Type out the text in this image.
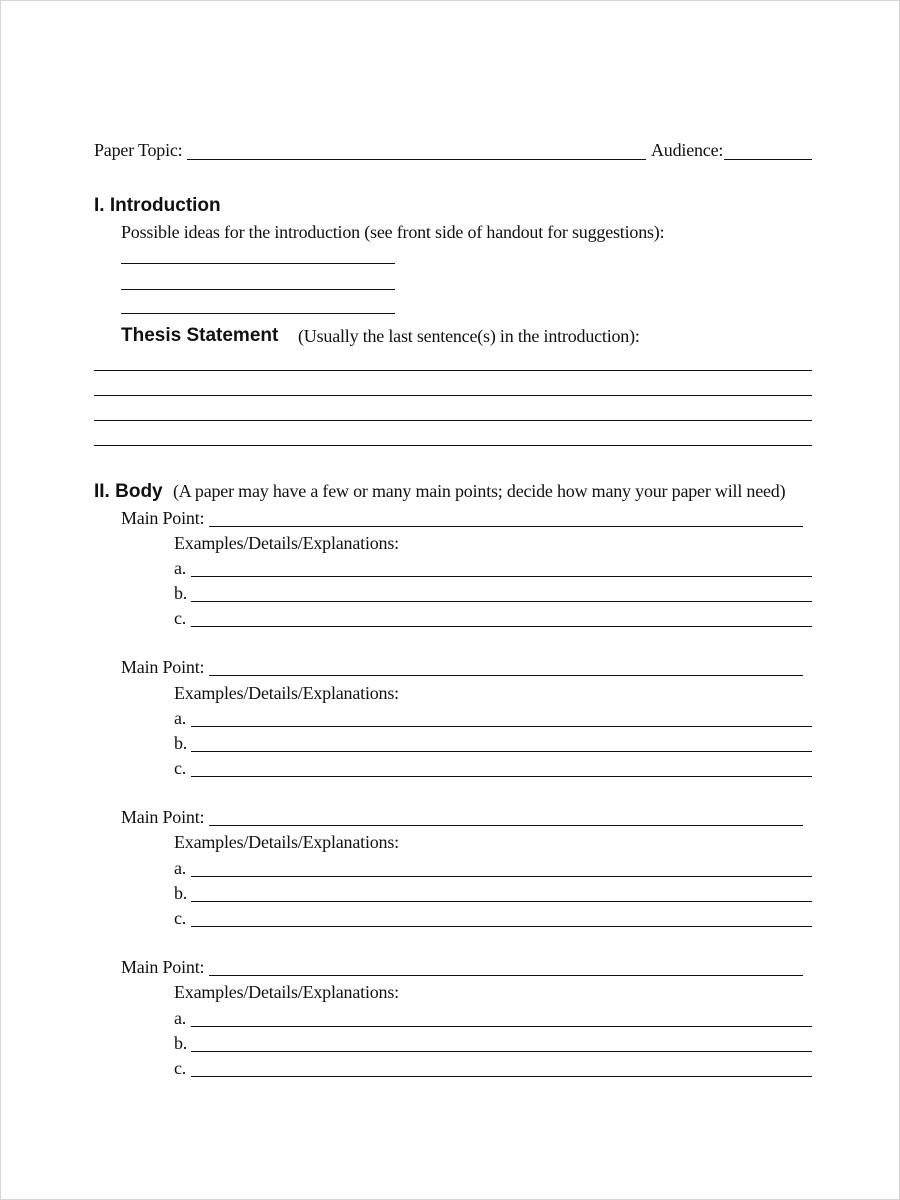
Paper Topic:	Audience:
I. Introduction
Possible ideas for the introduction (see front side of handout for suggestions):
Thesis Statement (Usually the last sentence(s) in the introduction):
II. Body (A paper may have a few or many main points; decide how many your paper will need)
Main Point:
Examples/Details/Explanations:
a.
b.
c.
Main Point:
Examples/Details/Explanations:
a.
b.
c.
Main Point:
Examples/Details/Explanations:
a.
b.
c.
Main Point:
Examples/Details/Explanations:
a.
b.
c.
